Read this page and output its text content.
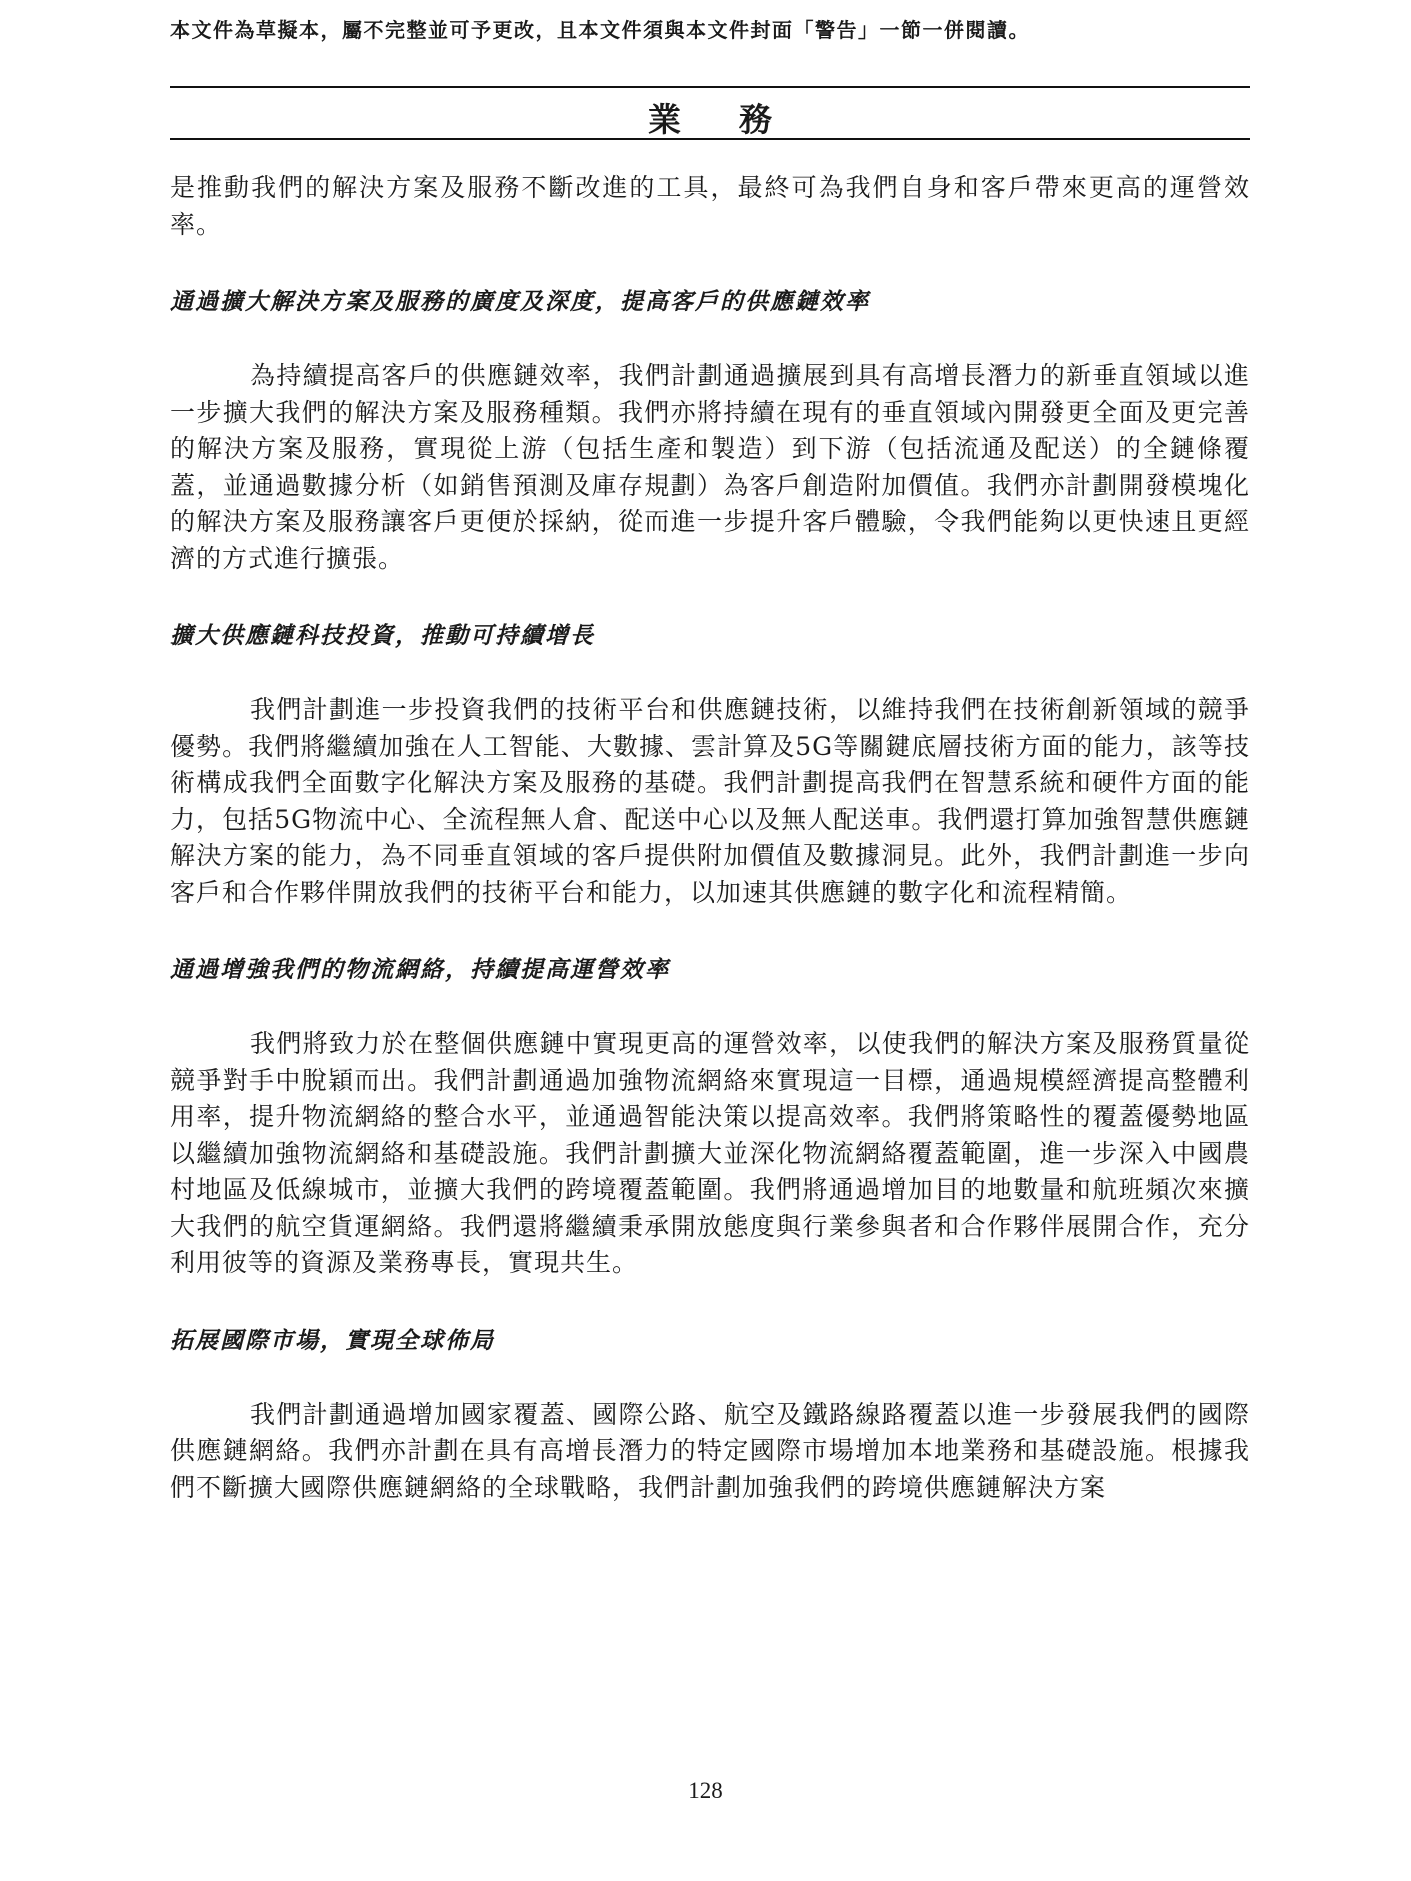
本文件為草擬本，屬不完整並可予更改，且本文件須與本文件封面「警告」一節一併閱讀。
業務

是推動我們的解決方案及服務不斷改進的工具，最終可為我們自身和客戶帶來更高的運營效率。

通過擴大解決方案及服務的廣度及深度，提高客戶的供應鏈效率

為持續提高客戶的供應鏈效率，我們計劃通過擴展到具有高增長潛力的新垂直領域以進一步擴大我們的解決方案及服務種類。我們亦將持續在現有的垂直領域內開發更全面及更完善的解決方案及服務，實現從上游（包括生產和製造）到下游（包括流通及配送）的全鏈條覆蓋，並通過數據分析（如銷售預測及庫存規劃）為客戶創造附加價值。我們亦計劃開發模塊化的解決方案及服務讓客戶更便於採納，從而進一步提升客戶體驗，令我們能夠以更快速且更經濟的方式進行擴張。

擴大供應鏈科技投資，推動可持續增長

我們計劃進一步投資我們的技術平台和供應鏈技術，以維持我們在技術創新領域的競爭優勢。我們將繼續加強在人工智能、大數據、雲計算及5G等關鍵底層技術方面的能力，該等技術構成我們全面數字化解決方案及服務的基礎。我們計劃提高我們在智慧系統和硬件方面的能力，包括5G物流中心、全流程無人倉、配送中心以及無人配送車。我們還打算加強智慧供應鏈解決方案的能力，為不同垂直領域的客戶提供附加價值及數據洞見。此外，我們計劃進一步向客戶和合作夥伴開放我們的技術平台和能力，以加速其供應鏈的數字化和流程精簡。

通過增強我們的物流網絡，持續提高運營效率

我們將致力於在整個供應鏈中實現更高的運營效率，以使我們的解決方案及服務質量從競爭對手中脫穎而出。我們計劃通過加強物流網絡來實現這一目標，通過規模經濟提高整體利用率，提升物流網絡的整合水平，並通過智能決策以提高效率。我們將策略性的覆蓋優勢地區以繼續加強物流網絡和基礎設施。我們計劃擴大並深化物流網絡覆蓋範圍，進一步深入中國農村地區及低線城市，並擴大我們的跨境覆蓋範圍。我們將通過增加目的地數量和航班頻次來擴大我們的航空貨運網絡。我們還將繼續秉承開放態度與行業參與者和合作夥伴展開合作，充分利用彼等的資源及業務專長，實現共生。

拓展國際市場，實現全球佈局

我們計劃通過增加國家覆蓋、國際公路、航空及鐵路線路覆蓋以進一步發展我們的國際供應鏈網絡。我們亦計劃在具有高增長潛力的特定國際市場增加本地業務和基礎設施。根據我們不斷擴大國際供應鏈網絡的全球戰略，我們計劃加強我們的跨境供應鏈解決方案

128
